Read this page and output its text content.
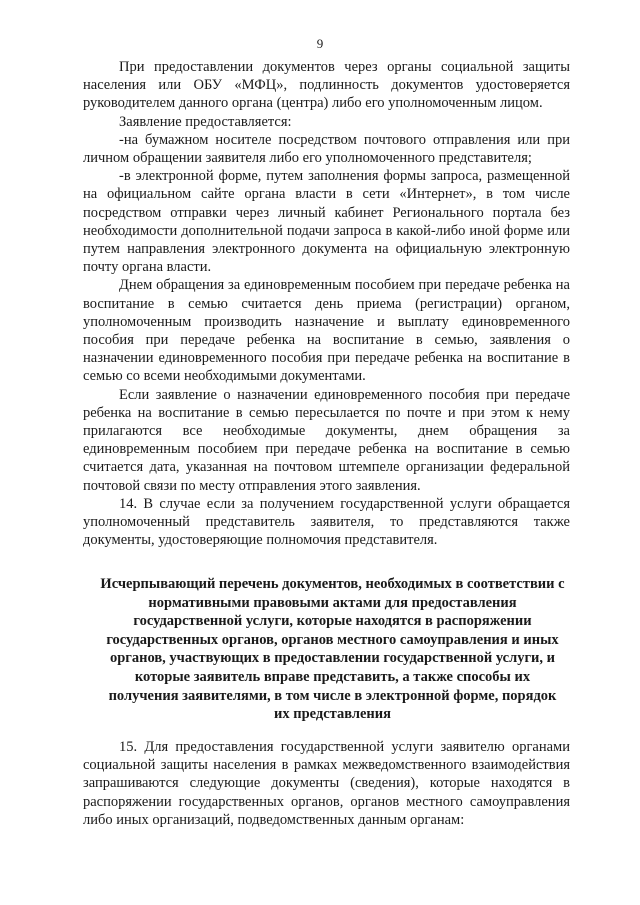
9

При предоставлении документов через органы социальной защиты населения или ОБУ «МФЦ», подлинность документов удостоверяется руководителем данного органа (центра) либо его уполномоченным лицом.

Заявление предоставляется:

-на бумажном носителе посредством почтового отправления или при личном обращении заявителя либо его уполномоченного представителя;

-в электронной форме, путем заполнения формы запроса, размещенной на официальном сайте органа власти в сети «Интернет», в том числе посредством отправки через личный кабинет Регионального портала без необходимости дополнительной подачи запроса в какой-либо иной форме или путем направления электронного документа на официальную электронную почту органа власти.

Днем обращения за единовременным пособием при передаче ребенка на воспитание в семью считается день приема (регистрации) органом, уполномоченным производить назначение и выплату единовременного пособия при передаче ребенка на воспитание в семью, заявления о назначении единовременного пособия при передаче ребенка на воспитание в семью со всеми необходимыми документами.

Если заявление о назначении единовременного пособия при передаче ребенка на воспитание в семью пересылается по почте и при этом к нему прилагаются все необходимые документы, днем обращения за единовременным пособием при передаче ребенка на воспитание в семью считается дата, указанная на почтовом штемпеле организации федеральной почтовой связи по месту отправления этого заявления.

14. В случае если за получением государственной услуги обращается уполномоченный представитель заявителя, то представляются также документы, удостоверяющие полномочия представителя.

Исчерпывающий перечень документов, необходимых в соответствии с нормативными правовыми актами для предоставления государственной услуги, которые находятся в распоряжении государственных органов, органов местного самоуправления и иных органов, участвующих в предоставлении государственной услуги, и которые заявитель вправе представить, а также способы их получения заявителями, в том числе в электронной форме, порядок их представления

15. Для предоставления государственной услуги заявителю органами социальной защиты населения в рамках межведомственного взаимодействия запрашиваются следующие документы (сведения), которые находятся в распоряжении государственных органов, органов местного самоуправления либо иных организаций, подведомственных данным органам:
